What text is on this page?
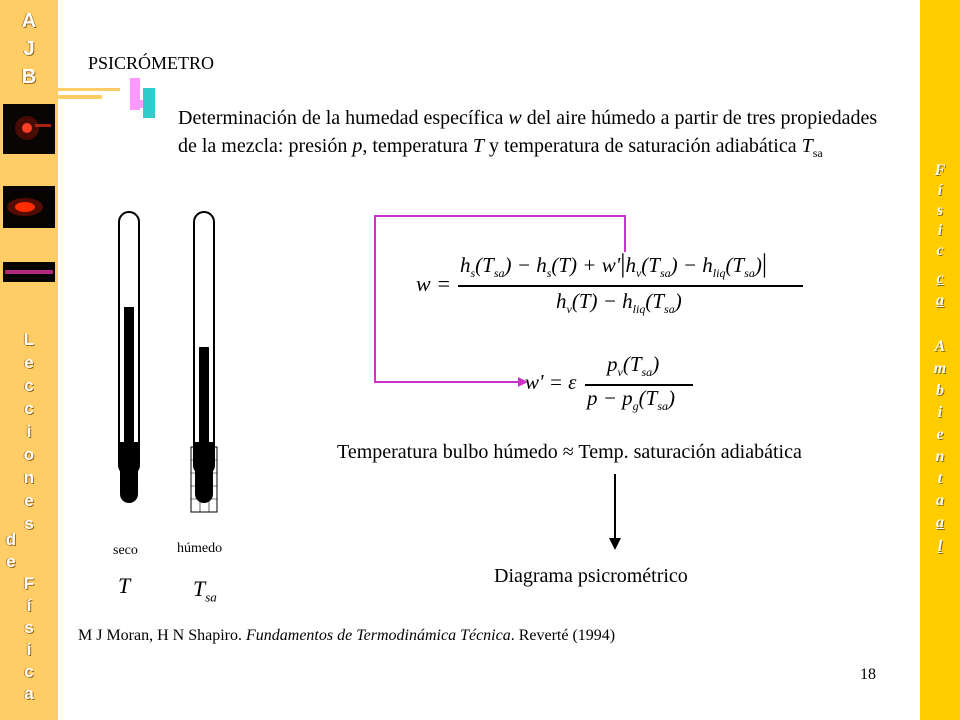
A
J
B
L
e
c
c
i
o
n
e
s
d
e
F
í
s
i
c
a
F
í
s
i
c
a
A
m
b
i
e
n
t
a
l
c
a
PSICRÓMETRO
Determinación de la humedad específica w del aire húmedo a partir de tres propiedades de la mezcla: presión p, temperatura T y temperatura de saturación adiabática $T_{sa}$
seco	húmedo
T	$T_{sa}$
w =
$h_s(T_{sa}) - h_s(T) + w'|h_v(T_{sa}) - h_{liq}(T_{sa})|$
$h_v(T) - h_{liq}(T_{sa})$
w' = ε
$p_v(T_{sa})$
$p - p_g(T_{sa})$
Temperatura bulbo húmedo ≈ Temp. saturación adiabática
Diagrama psicrométrico
M J Moran, H N Shapiro. Fundamentos de Termodinámica Técnica. Reverté (1994)
18
